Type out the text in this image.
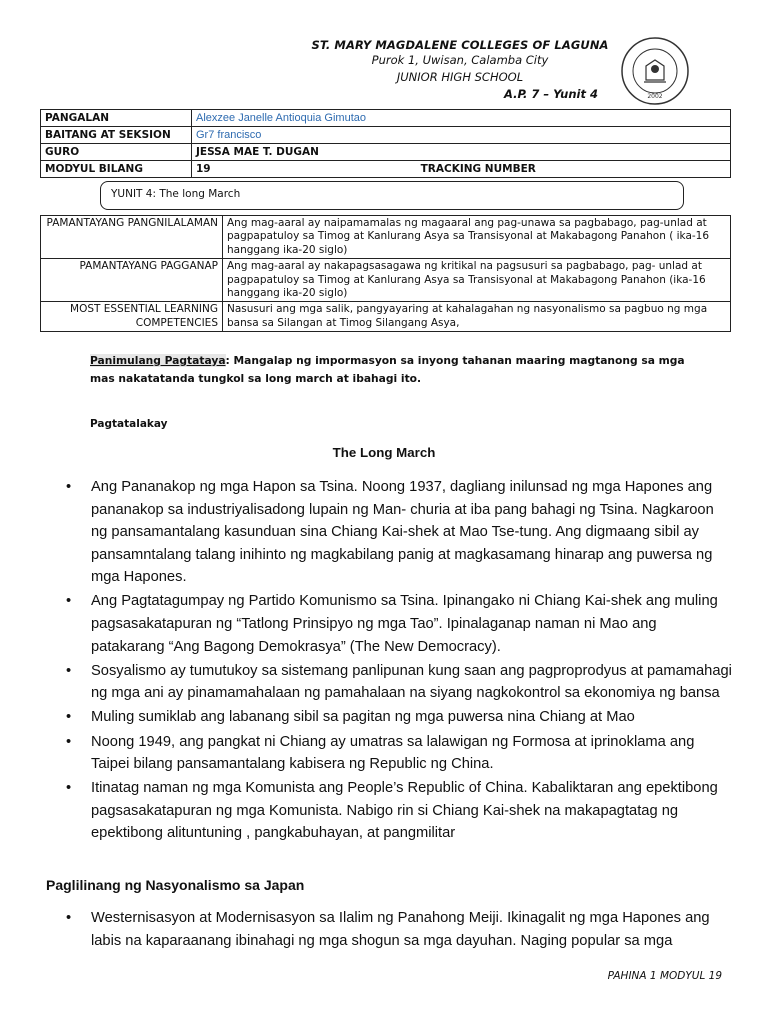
ST. MARY MAGDALENE COLLEGES OF LAGUNA
Purok 1, Uwisan, Calamba City
JUNIOR HIGH SCHOOL
A.P. 7 – Yunit 4	2002
PANGALAN	Alexzee Janelle Antioquia Gimutao
BAITANG AT SEKSION	Gr7 francisco
GURO	JESSA MAE T. DUGAN
MODYUL BILANG	19 TRACKING NUMBER
YUNIT 4: The long March
PAMANTAYANG PANGNILALAMAN	Ang mag-aaral ay naipamamalas ng magaaral ang pag-unawa sa pagbabago, pag-unlad at pagpapatuloy sa Timog at Kanlurang Asya sa Transisyonal at Makabagong Panahon ( ika-16 hanggang ika-20 siglo)
PAMANTAYANG PAGGANAP	Ang mag-aaral ay nakapagsasagawa ng kritikal na pagsusuri sa pagbabago, pag- unlad at pagpapatuloy sa Timog at Kanlurang Asya sa Transisyonal at Makabagong Panahon (ika-16 hanggang ika-20 siglo)
MOST ESSENTIAL LEARNING COMPETENCIES	Nasusuri ang mga salik, pangyayaring at kahalagahan ng nasyonalismo sa pagbuo ng mga bansa sa Silangan at Timog Silangang Asya,
Panimulang Pagtataya: Mangalap ng impormasyon sa inyong tahanan maaring magtanong sa mga mas nakatatanda tungkol sa long march at ibahagi ito.
Pagtatalakay
The Long March
• Ang Pananakop ng mga Hapon sa Tsina. Noong 1937, dagliang inilunsad ng mga Hapones ang pananakop sa industriyalisadong lupain ng Man- churia at iba pang bahagi ng Tsina. Nagkaroon ng pansamantalang kasunduan sina Chiang Kai-shek at Mao Tse-tung. Ang digmaang sibil ay pansamntalang talang inihinto ng magkabilang panig at magkasamang hinarap ang puwersa ng mga Hapones.
• Ang Pagtatagumpay ng Partido Komunismo sa Tsina. Ipinangako ni Chiang Kai-shek ang muling pagsasakatapuran ng “Tatlong Prinsipyo ng mga Tao”. Ipinalaganap naman ni Mao ang patakarang “Ang Bagong Demokrasya” (The New Democracy).
• Sosyalismo ay tumutukoy sa sistemang panlipunan kung saan ang pagproprodyus at pamamahagi ng mga ani ay pinamamahalaan ng pamahalaan na siyang nagkokontrol sa ekonomiya ng bansa
• Muling sumiklab ang labanang sibil sa pagitan ng mga puwersa nina Chiang at Mao
• Noong 1949, ang pangkat ni Chiang ay umatras sa lalawigan ng Formosa at iprinoklama ang Taipei bilang pansamantalang kabisera ng Republic ng China.
• Itinatag naman ng mga Komunista ang People’s Republic of China. Kabaliktaran ang epektibong pagsasakatapuran ng mga Komunista. Nabigo rin si Chiang Kai-shek na makapagtatag ng epektibong alituntuning , pangkabuhayan, at pangmilitar
Paglilinang ng Nasyonalismo sa Japan
• Westernisasyon at Modernisasyon sa Ilalim ng Panahong Meiji. Ikinagalit ng mga Hapones ang labis na kaparaanang ibinahagi ng mga shogun sa mga dayuhan. Naging popular sa mga
PAHINA 1 MODYUL 19
